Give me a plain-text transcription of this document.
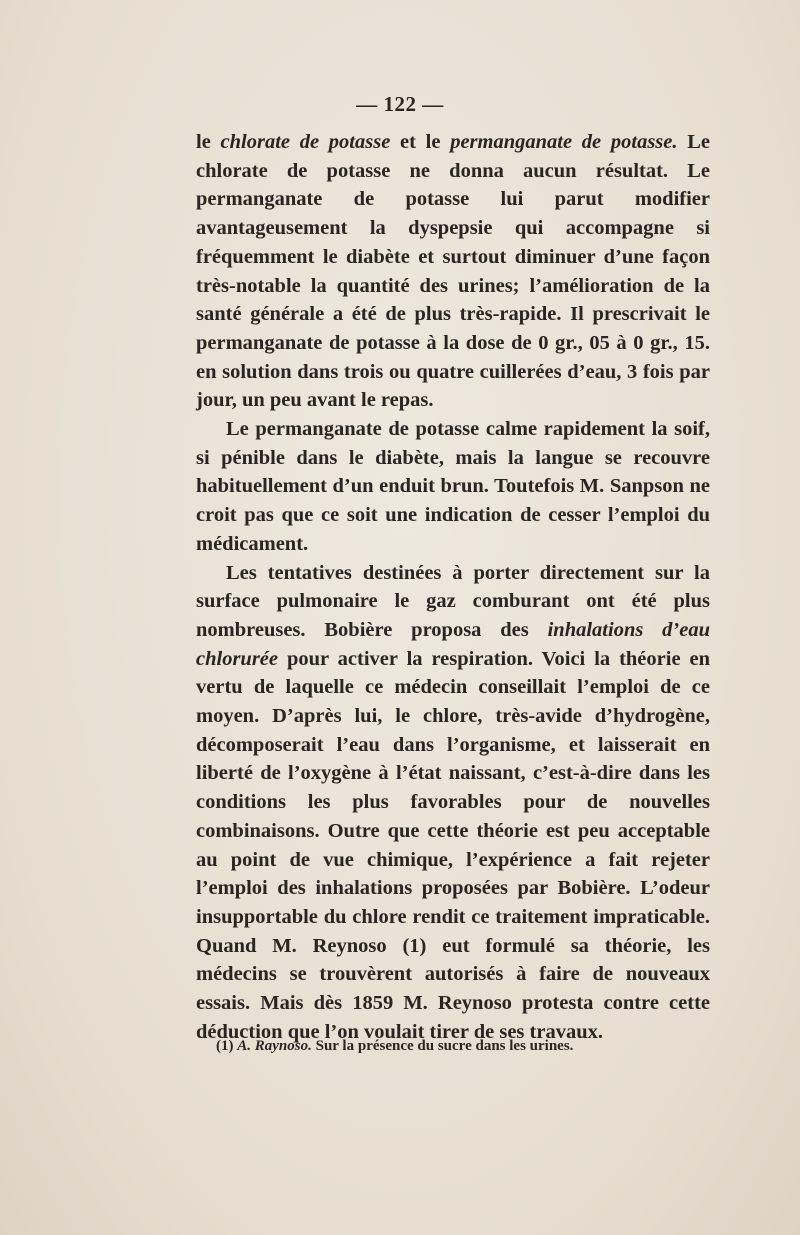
— 122 —

le chlorate de potasse et le permanganate de potasse. Le chlorate de potasse ne donna aucun résultat. Le permanganate de potasse lui parut modifier avantageusement la dyspepsie qui accompagne si fréquemment le diabète et surtout diminuer d’une façon très-notable la quantité des urines; l’amélioration de la santé générale a été de plus très-rapide. Il prescrivait le permanganate de potasse à la dose de 0 gr., 05 à 0 gr., 15. en solution dans trois ou quatre cuillerées d’eau, 3 fois par jour, un peu avant le repas.

Le permanganate de potasse calme rapidement la soif, si pénible dans le diabète, mais la langue se recouvre habituellement d’un enduit brun. Toutefois M. Sanpson ne croit pas que ce soit une indication de cesser l’emploi du médicament.

Les tentatives destinées à porter directement sur la surface pulmonaire le gaz comburant ont été plus nombreuses. Bobière proposa des inhalations d’eau chlorurée pour activer la respiration. Voici la théorie en vertu de laquelle ce médecin conseillait l’emploi de ce moyen. D’après lui, le chlore, très-avide d’hydrogène, décomposerait l’eau dans l’organisme, et laisserait en liberté de l’oxygène à l’état naissant, c’est-à-dire dans les conditions les plus favorables pour de nouvelles combinaisons. Outre que cette théorie est peu acceptable au point de vue chimique, l’expérience a fait rejeter l’emploi des inhalations proposées par Bobière. L’odeur insupportable du chlore rendit ce traitement impraticable. Quand M. Reynoso (1) eut formulé sa théorie, les médecins se trouvèrent autorisés à faire de nouveaux essais. Mais dès 1859 M. Reynoso protesta contre cette déduction que l’on voulait tirer de ses travaux.

(1) A. Raynoso. Sur la présence du sucre dans les urines.
